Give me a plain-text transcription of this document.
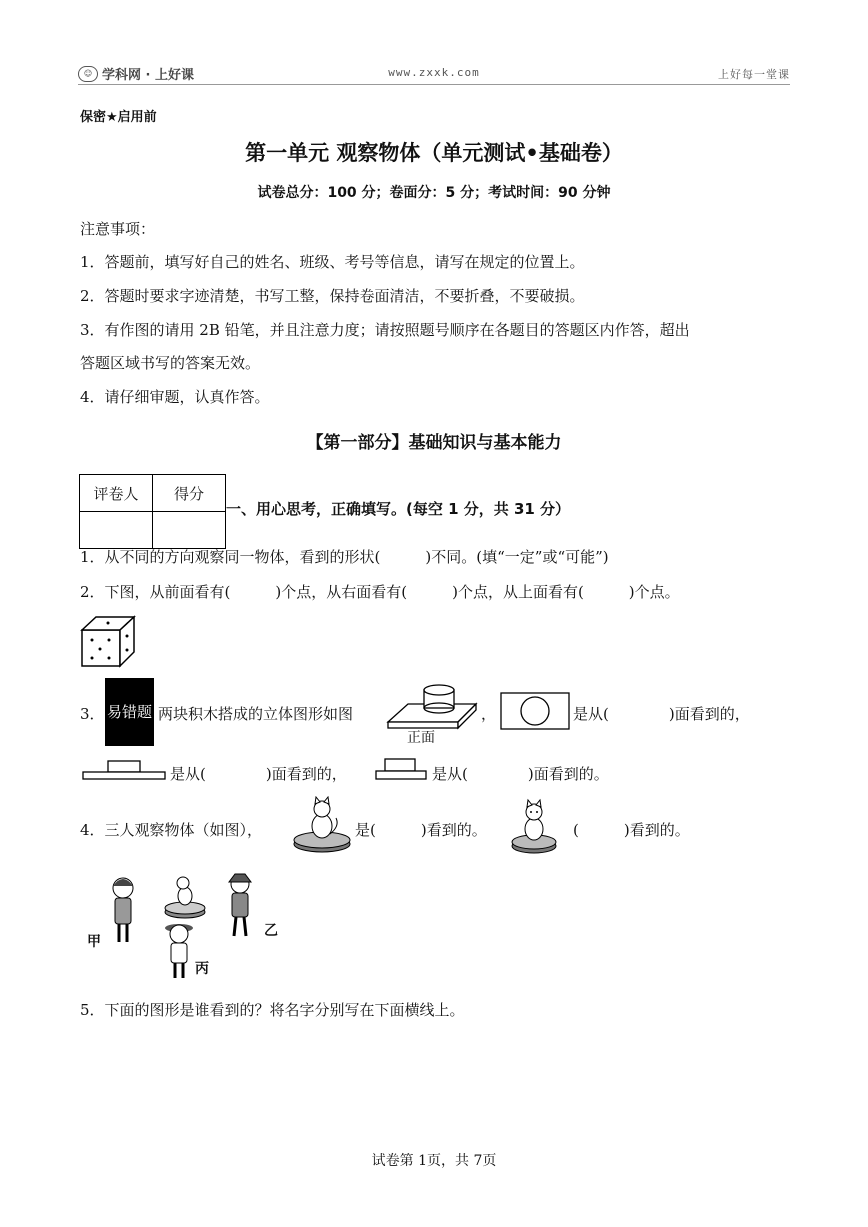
☺ 学科网 · 上好课	www.zxxk.com	上好每一堂课
保密★启用前
第一单元 观察物体（单元测试•基础卷）
试卷总分：100 分；卷面分：5 分；考试时间：90 分钟
注意事项：
1．答题前，填写好自己的姓名、班级、考号等信息，请写在规定的位置上。
2．答题时要求字迹清楚，书写工整，保持卷面清洁，不要折叠，不要破损。
3．有作图的请用 2B 铅笔，并且注意力度；请按照题号顺序在各题目的答题区内作答，超出
答题区域书写的答案无效。
4．请仔细审题，认真作答。
【第一部分】基础知识与基本能力
评卷人	得分

一、用心思考，正确填写。(每空 1 分，共 31 分）
1．从不同的方向观察同一物体，看到的形状(　　　)不同。(填“一定”或“可能”)
2．下图，从前面看有(　　　)个点，从右面看有(　　　)个点，从上面看有(　　　)个点。
3． 易错题 两块积木搭成的立体图形如图
正面
，	是从(　　　　)面看到的，
是从(　　　　)面看到的，	是从(　　　　)面看到的。
4．三人观察物体（如图），	是(　　　)看到的。	(　　　)看到的。
甲
乙
丙
5．下面的图形是谁看到的？将名字分别写在下面横线上。
试卷第 1页，共 7页
